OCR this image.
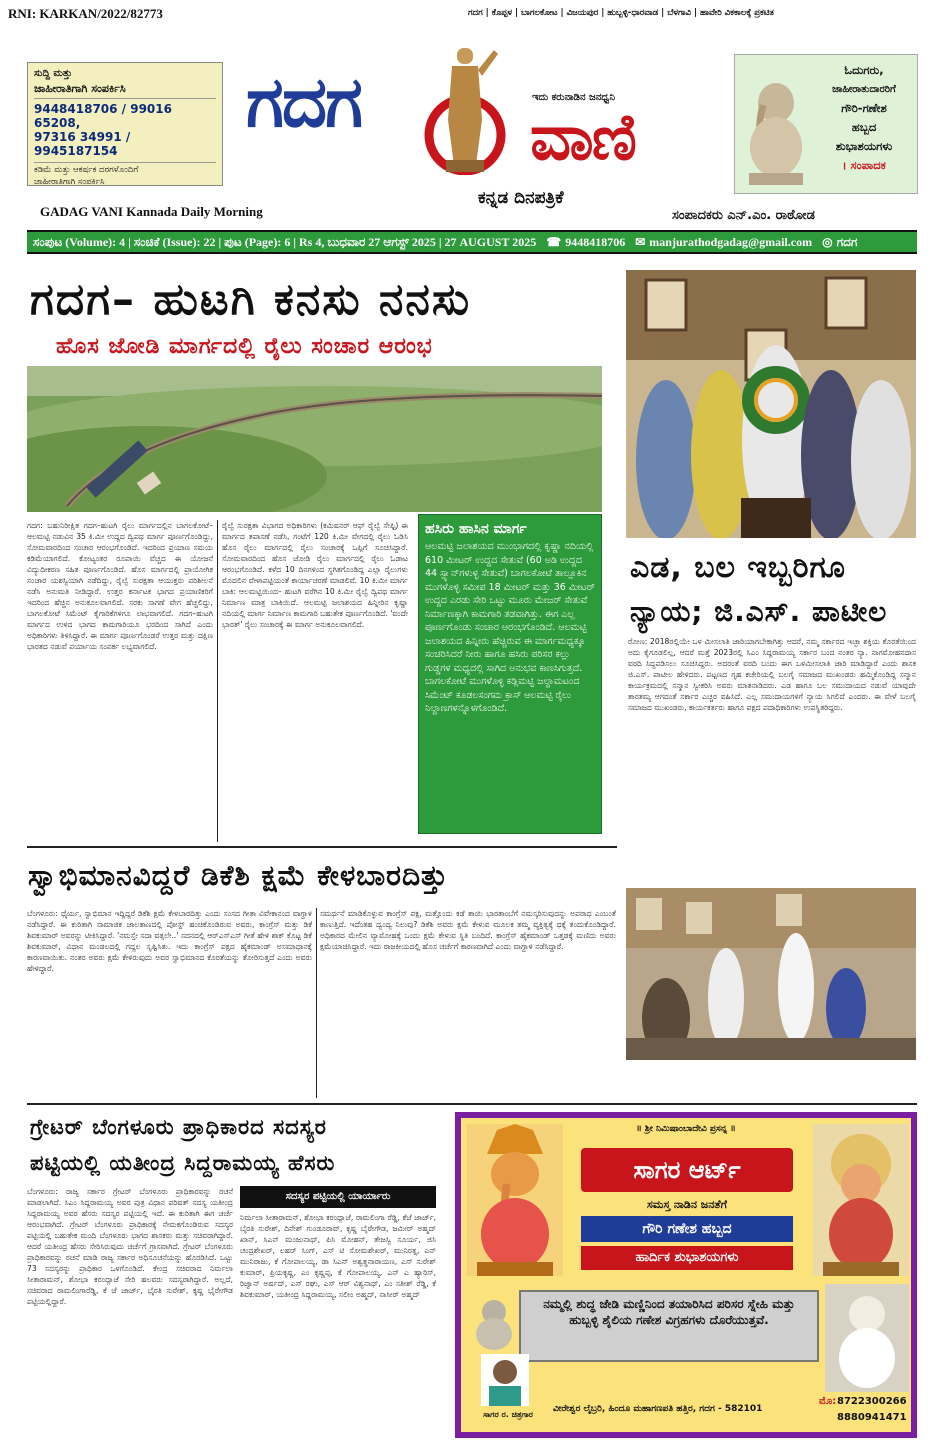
RNI: KARKAN/2022/82773	ಗದಗ | ಕೊಪ್ಪಳ | ಬಾಗಲಕೋಟ | ವಿಜಯಪುರ | ಹುಬ್ಬಳ್ಳಿ-ಧಾರವಾಡ | ಬೆಳಗಾವಿ | ಹಾವೇರಿ ವಿಕಕಾಲಕ್ಕೆ ಪ್ರಕಟಿತ
ಸುದ್ದಿ ಮತ್ತು
ಜಾಹೀರಾತಿಗಾಗಿ ಸಂಪರ್ಕಿಸಿ
9448418706 / 99016 65208,
97316 34991 / 9945187154
ಕಡಿಮೆ ಮತ್ತು ಆಕರ್ಷಕ ದರಗಳೊಂದಿಗೆ
ಜಾಹೀರಾತಿಗಾಗಿ ಸಂಪರ್ಕಿಸಿ
ಗದಗ	ಇದು ಕರುನಾಡಿನ ಜನಧ್ವನಿ
ವಾಣಿ
ಕನ್ನಡ ದಿನಪತ್ರಿಕೆ
GADAG VANI Kannada Daily Morning	ಸಂಪಾದಕರು ಎನ್.ಎಂ. ರಾಠೋಡ
ಓದುಗರು,
ಜಾಹೀರಾತುದಾರರಿಗೆ
ಗೌರಿ-ಗಣೇಶ
ಹಬ್ಬದ
ಶುಭಾಶಯಗಳು
। ಸಂಪಾದಕ
ಸಂಪುಟ (Volume): 4 | ಸಂಚಿಕೆ (Issue): 22 | ಪುಟ (Page): 6 | Rs 4, ಬುಧವಾರ 27 ಆಗಸ್ಟ್ 2025 | 27 AUGUST 2025 ☎ 9448418706 ✉ manjurathodgadag@gmail.com ◎ ಗದಗ
ಗದಗ– ಹುಟಗಿ ಕನಸು ನನಸು
ಹೊಸ ಜೋಡಿ ಮಾರ್ಗದಲ್ಲಿ ರೈಲು ಸಂಚಾರ ಆರಂಭ
ಗದಗ: ಬಹುನಿರೀಕ್ಷಿತ ಗದಗ–ಹುಟಗಿ ರೈಲು ಮಾರ್ಗದಲ್ಲಿನ ಬಾಗಲಕೋಟೆ– ಆಲಮಟ್ಟಿ ನಡುವಿನ 35 ಕಿ.ಮೀ ಉದ್ದದ ದ್ವಿಪಥ ಮಾರ್ಗ ಪೂರ್ಣಗೊಂಡಿದ್ದು, ಸೋಮವಾರದಿಂದ ಸಂಚಾರ ಆರಂಭಗೊಂಡಿದೆ. ಇದರಿಂದ ಪ್ರಯಾಣ ಸಮಯ ಕಡಿಮೆಯಾಗಲಿದೆ. ಕೋಟ್ಯಂತರ ರೂಪಾಯಿ ವೆಚ್ಚದ ಈ ಯೋಜನೆ ವಿದ್ಯುದೀಕರಣ ಸಹಿತ ಪೂರ್ಣಗೊಂಡಿದೆ. ಹೊಸ ಮಾರ್ಗದಲ್ಲಿ ಪ್ರಾಯೋಗಿಕ ಸಂಚಾರ ಯಶಸ್ವಿಯಾಗಿ ನಡೆದಿದ್ದು, ರೈಲ್ವೆ ಸುರಕ್ಷತಾ ಆಯುಕ್ತರು ಪರಿಶೀಲನೆ ನಡೆಸಿ ಅನುಮತಿ ನೀಡಿದ್ದಾರೆ. ಉತ್ತರ ಕರ್ನಾಟಕ ಭಾಗದ ಪ್ರಯಾಣಿಕರಿಗೆ ಇದರಿಂದ ಹೆಚ್ಚಿನ ಅನುಕೂಲವಾಗಲಿದೆ. ಸರಕು ಸಾಗಣೆ ವೇಗ ಹೆಚ್ಚಲಿದ್ದು, ಬಾಗಲಕೋಟೆ ಸಿಮೆಂಟ್ ಕೈಗಾರಿಕೆಗಳಿಗೂ ಲಾಭವಾಗಲಿದೆ. ಗದಗ–ಹುಟಗಿ ಮಾರ್ಗದ ಉಳಿದ ಭಾಗದ ಕಾಮಗಾರಿಯೂ ಭರದಿಂದ ಸಾಗಿದೆ ಎಂದು ಅಧಿಕಾರಿಗಳು ತಿಳಿಸಿದ್ದಾರೆ. ಈ ಮಾರ್ಗ ಪೂರ್ಣಗೊಂಡರೆ ಉತ್ತರ ಮತ್ತು ದಕ್ಷಿಣ ಭಾರತದ ನಡುವೆ ಪರ್ಯಾಯ ಸಂಪರ್ಕ ಲಭ್ಯವಾಗಲಿದೆ.
ರೈಲ್ವೆ ಸುರಕ್ಷತಾ ವಿಭಾಗದ ಅಧಿಕಾರಿಗಳು (ಕಮಿಷನರ್ ಆಫ್ ರೈಲ್ವೆ ಸೇಫ್ಟಿ) ಈ ಮಾರ್ಗದ ತಪಾಸಣೆ ನಡೆಸಿ, ಗಂಟೆಗೆ 120 ಕಿ.ಮೀ ವೇಗದಲ್ಲಿ ರೈಲು ಓಡಿಸಿ ಹೊಸ ರೈಲು ಮಾರ್ಗದಲ್ಲಿ ರೈಲು ಸಂಚಾರಕ್ಕೆ ಒಪ್ಪಿಗೆ ಸೂಚಿಸಿದ್ದಾರೆ. ಸೋಮವಾರದಿಂದ ಹೊಸ ಜೋಡಿ ರೈಲು ಮಾರ್ಗದಲ್ಲಿ ರೈಲು ಓಡಾಟ ಆರಂಭಗೊಂಡಿದೆ. ಕಳೆದ 10 ದಿನಗಳಿಂದ ಸ್ಥಗಿತಗೊಂಡಿದ್ದ ಎಲ್ಲಾ ರೈಲುಗಳು ಮೊದಲಿನ ವೇಳಾಪಟ್ಟಿಯಂತೆ ಕಾರ್ಯಾಚರಣೆ ಮಾಡಲಿವೆ. 10 ಕಿ.ಮೀ ಮಾರ್ಗ ಬಾಕಿ: ಆಲಮಟ್ಟಿಯಿಂದ– ಹುಟಗಿ ವರೆಗಿನ 10 ಕಿ.ಮೀ ರೈಲ್ವೆ ದ್ವಿಪಥ ಮಾರ್ಗ ನಿರ್ಮಾಣ ಮಾತ್ರ ಬಾಕಿಯಿದೆ. ಆಲಮಟ್ಟಿ ಜಲಾಶಯದ ಹಿನ್ನೀರಿನ ಕೃಷ್ಣಾ ನದಿಯಲ್ಲಿ ಮಾರ್ಗ ನಿರ್ಮಾಣ ಕಾಮಗಾರಿ ಬಹುತೇಕ ಪೂರ್ಣಗೊಂಡಿದೆ. 'ವಂದೇ ಭಾರತ್' ರೈಲು ಸಂಚಾರಕ್ಕೆ ಈ ಮಾರ್ಗ ಅನುಕೂಲವಾಗಲಿದೆ.
ಹಸಿರು ಹಾಸಿನ ಮಾರ್ಗ
ಆಲಮಟ್ಟಿ ಜಲಾಶಯದ ಮುಂಭಾಗದಲ್ಲಿ ಕೃಷ್ಣಾ ನದಿಯಲ್ಲಿ 610 ಮೀಟರ್ ಉದ್ದದ ಸೇತುವೆ (60 ಅಡಿ ಉದ್ದದ 44 ಸ್ಪ್ಯಾನ್‌ಗಳುಳ್ಳ ಸೇತುವೆ) ಬಾಗಲಕೋಟೆ ತಾಲ್ಲೂಕಿನ ಮುಗಳೊಳ್ಳಿ ಸಮೀಪ 18 ಮೀಟರ್ ಮತ್ತು 36 ಮೀಟರ್ ಉದ್ದದ ಎರಡು ಸೇರಿ ಒಟ್ಟು ಮೂರು ಮೇಜರ್ ಸೇತುವೆ ನಿರ್ಮಾಣಕ್ಕಾಗಿ ಕಾಮಗಾರಿ ತಡವಾಗಿತ್ತು. ಈಗ ಎಲ್ಲ ಪೂರ್ಣಗೊಂಡು ಸಂಚಾರ ಆರಂಭಗೊಂಡಿದೆ. ಆಲಮಟ್ಟಿ ಜಲಾಶಯದ ಹಿನ್ನೀರು ಹೆಚ್ಚಿರುವ ಈ ಮಾರ್ಗಮಧ್ಯಕ್ಕೂ ಸಂಚರಿಸಿದರೆ ನೀರು ಹಾಗೂ ಹಸಿರು ಪರಿಸರ ಕಲ್ಲು ಗುಡ್ಡಗಳ ಮಧ್ಯದಲ್ಲಿ ಸಾಗಿದ ಅನುಭವ ಕಾಣಸಿಗುತ್ತದೆ. ಬಾಗಲಕೋಟೆ ಮುಗಳೊಳ್ಳಿ ಕಡ್ಲಿಮಟ್ಟಿ ಜಲ್ದಾಮಟಂದ ಸಿಮೆಂಟ್ ಕೂಡಲಸಂಗಮ ಕ್ರಾಸ್ ಆಲಮಟ್ಟಿ ರೈಲು ನಿಲ್ದಾಣಗಳನ್ನೊಳಗೊಂಡಿದೆ.
ಎಡ, ಬಲ ಇಬ್ಬರಿಗೂ
ನ್ಯಾಯ; ಜಿ.ಎಸ್. ಪಾಟೀಲ
ರೋಣ: 2018ರಲ್ಲಿಯೇ ಒಳ ಮೀಸಲಾತಿ ಜಾರಿಯಾಗಬೇಕಾಗಿತ್ತು ಆದರೆ, ನಮ್ಮ ಸರ್ಕಾರದ ಇಚ್ಛಾ ಶಕ್ತಿಯ ಕೊರತೆಯಿಂದ ಅದು ಕೈಗೂಡಲಿಲ್ಲ, ಆದರೆ ಮತ್ತೆ 2023ರಲ್ಲಿ ಸಿಎಂ ಸಿದ್ದರಾಮಯ್ಯ ಸರ್ಕಾರ ಬಂದ ನಂತರ ನ್ಯಾ. ನಾಗಮೋಹನದಾಸ ವರದಿ ಸಿದ್ಧಪಡಿಸಲು ಸೂಚಿಸಿದ್ದರು. ಅದರಂತೆ ವರದಿ ಬಂದು ಈಗ ಒಳಮೀಸಲಾತಿ ಜಾರಿ ಮಾಡಿದ್ದಾರೆ ಎಂದು ಶಾಸಕ ಜಿ.ಎಸ್. ಪಾಟೀಲ ಹೇಳಿದರು. ಪಟ್ಟಣದ ಗೃಹ ಕಚೇರಿಯಲ್ಲಿ ಬಲಗೈ ಸಮಾಜದ ಮುಖಂಡರು ಹಮ್ಮಿಕೊಂಡಿದ್ದ ಸನ್ಮಾನ ಕಾರ್ಯಕ್ರಮದಲ್ಲಿ ಸನ್ಮಾನ ಸ್ವೀಕರಿಸಿ ಅವರು ಮಾತನಾಡಿದರು. ಎಡ ಹಾಗೂ ಬಲ ಸಮುದಾಯದ ನಡುವೆ ಯಾವುದೇ ತಾರತಮ್ಯ ಆಗದಂತೆ ಸರ್ಕಾರ ಎಚ್ಚರ ವಹಿಸಿದೆ. ಎಲ್ಲ ಸಮುದಾಯಗಳಿಗೆ ನ್ಯಾಯ ಸಿಗಲಿದೆ ಎಂದರು. ಈ ವೇಳೆ ಬಲಗೈ ಸಮಾಜದ ಮುಖಂಡರು, ಕಾರ್ಯಕರ್ತರು ಹಾಗೂ ಪಕ್ಷದ ಪದಾಧಿಕಾರಿಗಳು ಉಪಸ್ಥಿತರಿದ್ದರು.
ಸ್ವಾಭಿಮಾನವಿದ್ದರೆ ಡಿಕೆಶಿ ಕ್ಷಮೆ ಕೇಳಬಾರದಿತ್ತು
ಬೆಂಗಳೂರು: ಧೈರ್ಯ, ಸ್ವಾಭಿಮಾನ ಇದ್ದಿದ್ದರೆ ಡಿಕೆಶಿ ಕ್ಷಮೆ ಕೇಳಬಾರದಿತ್ತು ಎಂದು ಸಂಸದ ಗೀತಾ ವಿವೇಕಾನಂದ ವಾಗ್ದಾಳಿ ನಡೆಸಿದ್ದಾರೆ. ಈ ಕುರಿತಾಗಿ ಸಾಮಾಜಿಕ ಜಾಲತಾಣದಲ್ಲಿ ಪೋಸ್ಟ್ ಹಂಚಿಕೊಂಡಿರುವ ಅವರು, ಕಾಂಗ್ರೆಸ್ ಮತ್ತು ಡಿಕೆ ಶಿವಕುಮಾರ್ ಅವರನ್ನು ಟೀಕಿಸಿದ್ದಾರೆ. 'ನಮಸ್ತೇ ಸದಾ ವತ್ಸಲೇ..' ಸದನದಲ್ಲಿ ಆರ್‌ಎಸ್‌ಎಸ್ ಗೀತೆ ಹೇಳಿ ಶಾಕ್ ಕೊಟ್ಟ ಡಿಕೆ ಶಿವಕುಮಾರ್, ವಿಧಾನ ಮಂಡಲದಲ್ಲಿ ಗದ್ದಲ ಸೃಷ್ಟಿಸಿತು. ಇದು ಕಾಂಗ್ರೆಸ್ ಪಕ್ಷದ ಹೈಕಮಾಂಡ್ ಅಸಮಾಧಾನಕ್ಕೆ ಕಾರಣವಾಯಿತು. ನಂತರ ಅವರು ಕ್ಷಮೆ ಕೇಳಿರುವುದು ಅವರ ಸ್ವಾಭಿಮಾನದ ಕೊರತೆಯನ್ನು ತೋರಿಸುತ್ತದೆ ಎಂದು ಅವರು ಹೇಳಿದ್ದಾರೆ.
ಸಮರ್ಥನೆ ಮಾಡಿಕೊಳ್ಳುವ ಕಾಂಗ್ರೆಸ್ ಪಕ್ಷ, ಮತ್ತೊಂದು ಕಡೆ ತಾಯಿ ಭಾರತಾಂಬೆಗೆ ನಮಸ್ಕರಿಸುವುದನ್ನು ಅಪರಾಧ ಎಂಬಂತೆ ಕಾಣುತ್ತಿದೆ. ಇದೆಂತಹ ದ್ವಂದ್ವ ನಿಲುವು? ಡಿಕೆಶಿ ಅವರು ಕ್ಷಮೆ ಕೇಳುವ ಮೂಲಕ ತಮ್ಮ ವ್ಯಕ್ತಿತ್ವಕ್ಕೆ ಧಕ್ಕೆ ತಂದುಕೊಂಡಿದ್ದಾರೆ. ಅಧಿಕಾರದ ಮೇಲಿನ ವ್ಯಾಮೋಹಕ್ಕೆ ಒಂದು ಕ್ಷಮೆ ಕೇಳುವ ಸ್ಥಿತಿ ಬಂದಿದೆ. ಕಾಂಗ್ರೆಸ್ ಹೈಕಮಾಂಡ್ ಒತ್ತಡಕ್ಕೆ ಮಣಿದು ಅವರು ಕ್ಷಮೆಯಾಚಿಸಿದ್ದಾರೆ. ಇದು ರಾಜಕೀಯದಲ್ಲಿ ಹೊಸ ಚರ್ಚೆಗೆ ಕಾರಣವಾಗಿದೆ ಎಂದು ವಾಗ್ದಾಳಿ ನಡೆಸಿದ್ದಾರೆ.
ಗ್ರೇಟರ್ ಬೆಂಗಳೂರು ಪ್ರಾಧಿಕಾರದ ಸದಸ್ಯರ
ಪಟ್ಟಿಯಲ್ಲಿ ಯತೀಂದ್ರ ಸಿದ್ದರಾಮಯ್ಯ ಹೆಸರು
ಬೆಂಗಳೂರು: ರಾಜ್ಯ ಸರ್ಕಾರ ಗ್ರೇಟರ್ ಬೆಂಗಳೂರು ಪ್ರಾಧಿಕಾರವನ್ನು ರಚನೆ ಮಾಡಲಾಗಿದೆ. ಸಿಎಂ ಸಿದ್ದರಾಮಯ್ಯ ಅವರ ಪುತ್ರ ವಿಧಾನ ಪರಿಷತ್ ಸದಸ್ಯ ಯತೀಂದ್ರ ಸಿದ್ದರಾಮಯ್ಯ ಅವರ ಹೆಸರು ಸದಸ್ಯರ ಪಟ್ಟಿಯಲ್ಲಿ ಇದೆ. ಈ ಕುರಿತಾಗಿ ಈಗ ಚರ್ಚೆ ಆರಂಭವಾಗಿದೆ. ಗ್ರೇಟರ್ ಬೆಂಗಳೂರು ಪ್ರಾಧಿಕಾರಕ್ಕೆ ನೇಮಕಗೊಂಡಿರುವ ಸದಸ್ಯರ ಪಟ್ಟಿಯಲ್ಲಿ ಬಹುತೇಕ ಮಂದಿ ಬೆಂಗಳೂರು ಭಾಗದ ಶಾಸಕರು ಮತ್ತು ಸಚಿವರಾಗಿದ್ದಾರೆ. ಆದರೆ ಯತೀಂದ್ರ ಹೆಸರು ಸೇರಿಸಿರುವುದು ಚರ್ಚೆಗೆ ಗ್ರಾಸವಾಗಿದೆ. ಗ್ರೇಟರ್ ಬೆಂಗಳೂರು ಪ್ರಾಧಿಕಾರವನ್ನು ರಚನೆ ಮಾಡಿ ರಾಜ್ಯ ಸರ್ಕಾರ ಅಧಿಸೂಚನೆಯನ್ನು ಹೊರಡಿಸಿದೆ. ಒಟ್ಟು 73 ಸದಸ್ಯರನ್ನು ಪ್ರಾಧಿಕಾರ ಒಳಗೊಂಡಿದೆ. ಕೇಂದ್ರ ಸಚಿವರಾದ ನಿರ್ಮಲಾ ಸೀತಾರಾಮನ್, ಶೋಭಾ ಕರಂದ್ಲಾಜೆ ಸೇರಿ ಹಲವರು ಸದಸ್ಯರಾಗಿದ್ದಾರೆ. ಅಲ್ಲದೆ, ಸಚಿವರಾದ ರಾಮಲಿಂಗಾರೆಡ್ಡಿ, ಕೆ ಜೆ ಜಾರ್ಜ್, ಭೈರತಿ ಸುರೇಶ್, ಕೃಷ್ಣ ಭೈರೇಗೌಡ ಪಟ್ಟಿಯಲ್ಲಿದ್ದಾರೆ.
ಸದಸ್ಯರ ಪಟ್ಟಿಯಲ್ಲಿ ಯಾರ್ಯಾರು
ನಿರ್ಮಲಾ ಸೀತಾರಾಮನ್, ಶೋಭಾ ಕರಂದ್ಲಾಜೆ, ರಾಮಲಿಂಗಾ ರೆಡ್ಡಿ, ಕೆಜೆ ಜಾರ್ಜ್, ಬೈರತಿ ಸುರೇಶ್, ದಿನೇಶ್ ಗುಂಡೂರಾವ್, ಕೃಷ್ಣ ಬೈರೇಗೌಡ, ಜಮೀರ್ ಅಹ್ಮದ್ ಖಾನ್, ಸಿಎನ್ ಮಂಜುನಾಥ್, ಪಿಸಿ ಮೋಹನ್, ತೇಜಸ್ವಿ ಸೂರ್ಯ, ಜಿಸಿ ಚಂದ್ರಶೇಖರ್, ಲಹರ್ ಸಿಂಗ್, ಎಸ್ ಟಿ ಸೋಮಶೇಖರ್, ಮುನಿರತ್ನ, ಎನ್ ಮುನಿರಾಜು, ಕೆ ಗೋಪಾಲಯ್ಯ, ಡಾ ಸಿಎನ್ ಅಶ್ವತ್ಥನಾರಾಯಣ, ಎಸ್ ಸುರೇಶ್ ಕುಮಾರ್, ಪ್ರಿಯಕೃಷ್ಣ, ಎಂ ಕೃಷ್ಣಪ್ಪ, ಕೆ ಗೋಪಾಲಯ್ಯ, ಎನ್ ಎ ಹ್ಯಾರಿಸ್, ರಿಜ್ವಾನ್ ಅರ್ಷದ್, ಎಸ್ ರಘು, ಎಸ್ ಆರ್ ವಿಶ್ವನಾಥ್, ಎಂ ಸತೀಶ್ ರೆಡ್ಡಿ, ಕೆ ಶಿವಕುಮಾರ್, ಯತೀಂದ್ರ ಸಿದ್ದರಾಮಯ್ಯ, ಸಲೀಂ ಅಹ್ಮದ್, ನಾಸೀರ್ ಅಹ್ಮದ್
॥ ಶ್ರೀ ನಿಮಿಷಾಂಬಾದೇವಿ ಪ್ರಸನ್ನ ॥
ಸಾಗರ ಆರ್ಟ್
ಸಮಸ್ತ ನಾಡಿನ ಜನತೆಗೆ
ಗೌರಿ ಗಣೇಶ ಹಬ್ಬದ
ಹಾರ್ದಿಕ ಶುಭಾಶಯಗಳು
ನಮ್ಮಲ್ಲಿ ಶುದ್ಧ ಜೇಡಿ ಮಣ್ಣಿನಿಂದ ತಯಾರಿಸಿದ ಪರಿಸರ ಸ್ನೇಹಿ ಮತ್ತು ಹುಬ್ಬಳ್ಳಿ ಶೈಲಿಯ ಗಣೇಶ ವಿಗ್ರಹಗಳು ದೊರೆಯುತ್ತವೆ.
ಸಾಗರ ರ. ಚಿತ್ರಗಾರ
ವೀರೇಶ್ವರ ಲೈಬ್ರರಿ, ಹಿಂದೂ ಮಹಾಗಣಪತಿ ಹತ್ತಿರ, ಗದಗ - 582101
ಮೊ: 8722300266
8880941471
